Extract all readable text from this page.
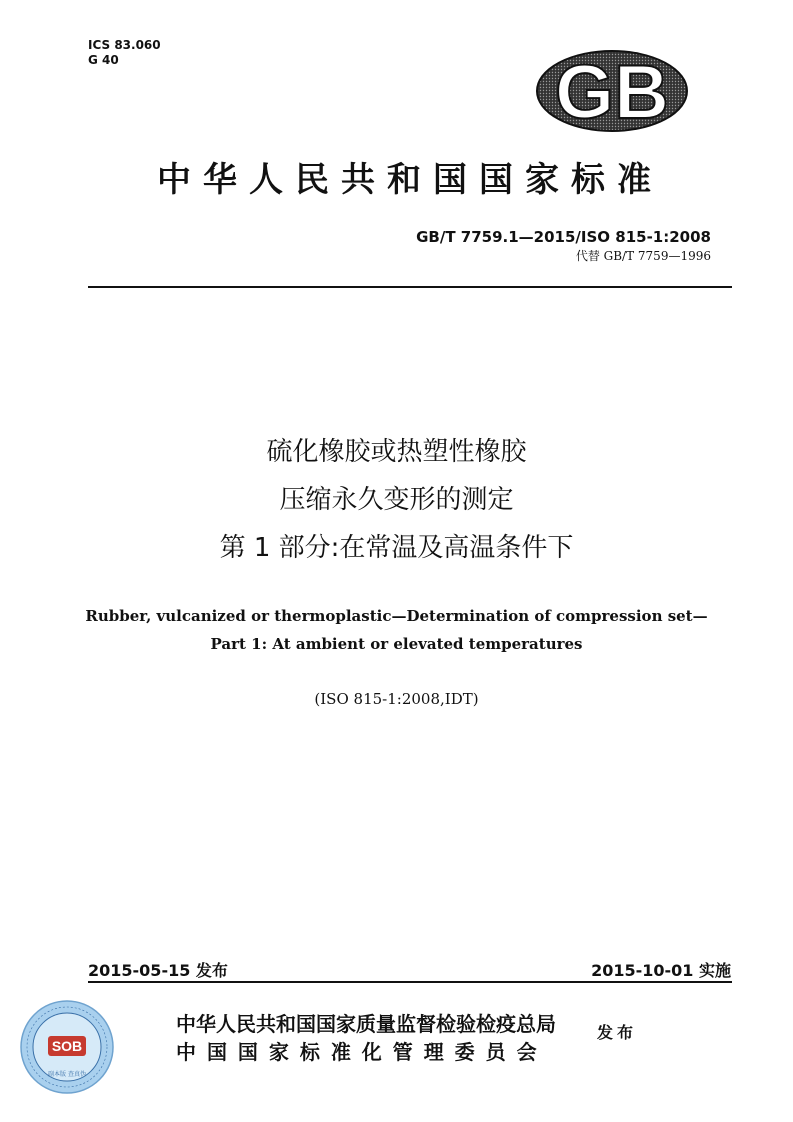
ICS 83.060
G 40	GB
中华人民共和国国家标准
GB/T 7759.1—2015/ISO 815-1:2008
代替 GB/T 7759—1996
硫化橡胶或热塑性橡胶
压缩永久变形的测定
第 1 部分:在常温及高温条件下
Rubber, vulcanized or thermoplastic—Determination of compression set—
Part 1: At ambient or elevated temperatures
(ISO 815-1:2008,IDT)
2015-05-15 发布	2015-10-01 实施
中华人民共和国国家质量监督检验检疫总局
中 国 国 家 标 准 化 管 理 委 员 会
发布
SOB
副本版 查真伪
